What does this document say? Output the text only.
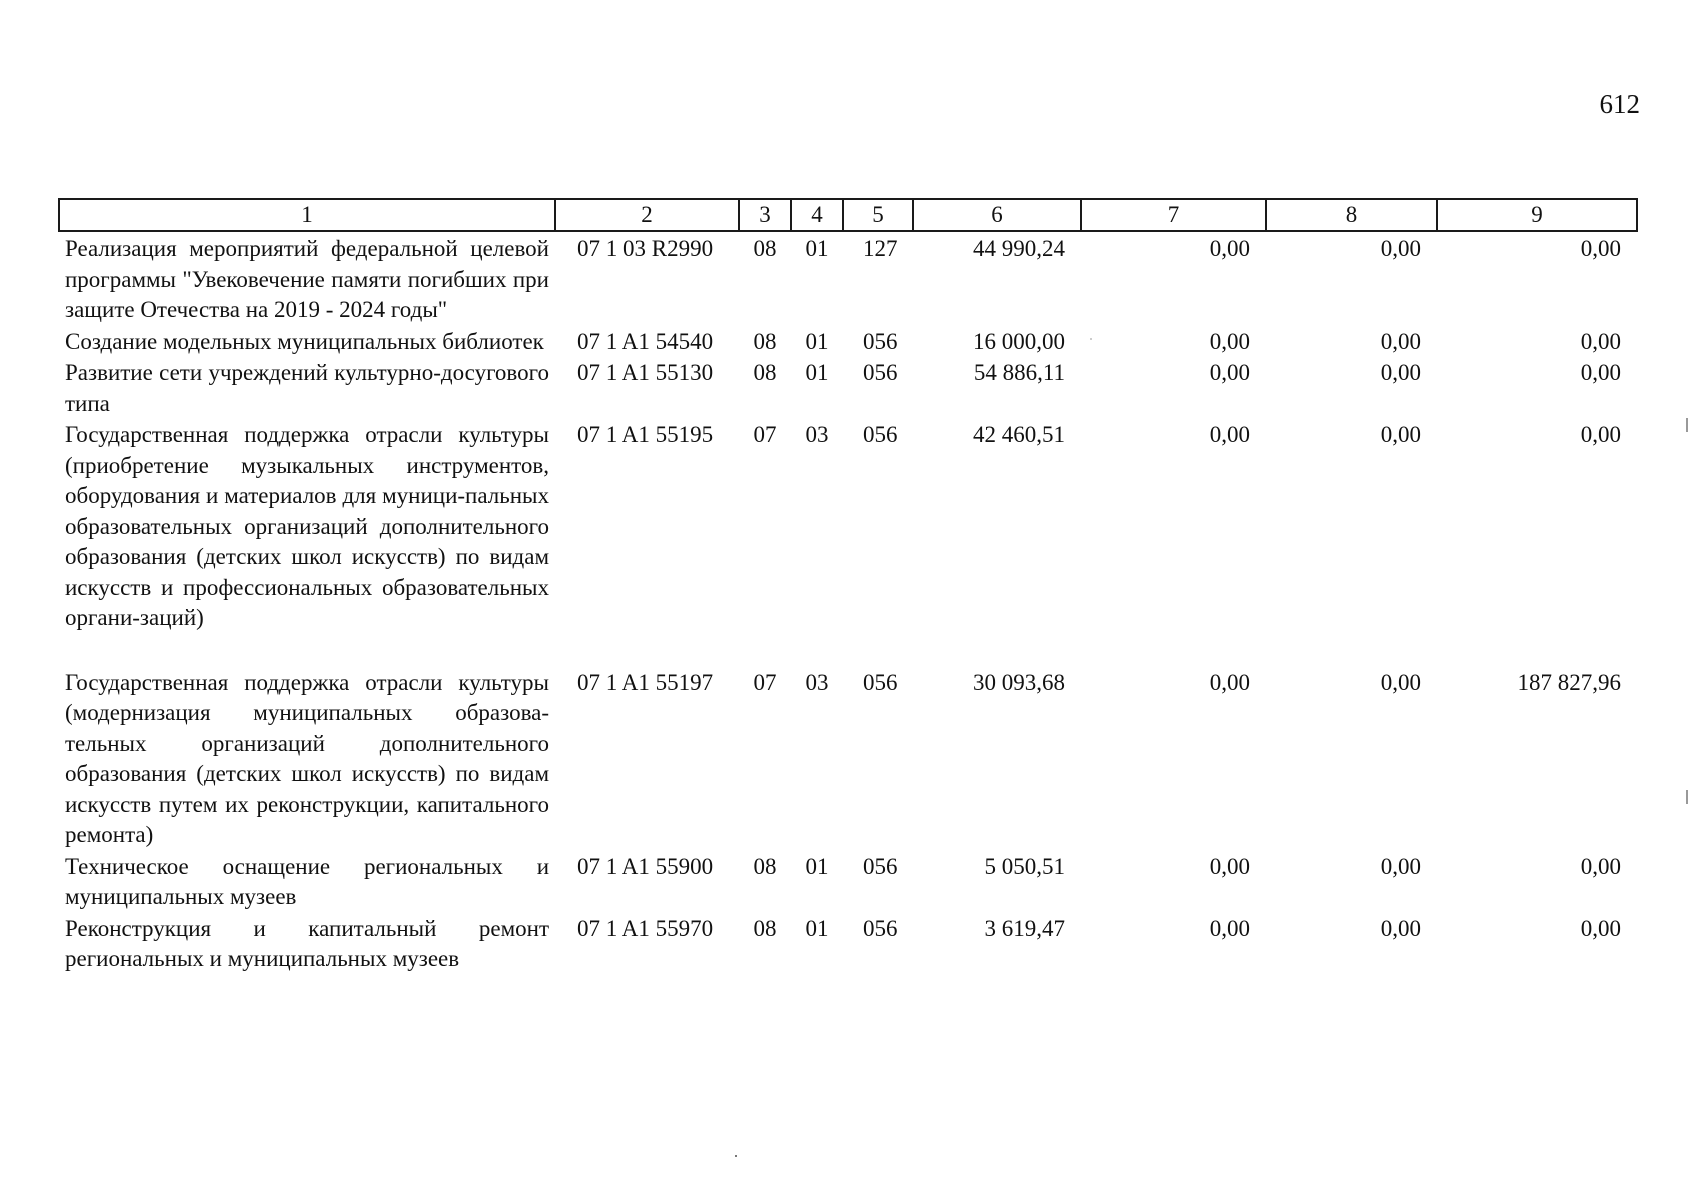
612
1	2	3	4	5	6	7	8	9
Реализация мероприятий федеральной целевой программы "Увековечение памяти погибших при защите Отечества на 2019 - 2024 годы"	07 1 03 R2990	08	01	127	44 990,24	0,00	0,00	0,00
Создание модельных муниципальных библиотек	07 1 A1 54540	08	01	056	16 000,00	0,00	0,00	0,00
Развитие сети учреждений культурно-досугового типа	07 1 A1 55130	08	01	056	54 886,11	0,00	0,00	0,00
Государственная поддержка отрасли культуры (приобретение музыкальных инструментов, оборудования и материалов для муници-пальных образовательных организаций дополнительного образования (детских школ искусств) по видам искусств и профессиональных образовательных органи-заций)	07 1 A1 55195	07	03	056	42 460,51	0,00	0,00	0,00

Государственная поддержка отрасли культуры (модернизация муниципальных образова-тельных организаций дополнительного образования (детских школ искусств) по видам искусств путем их реконструкции, капитального ремонта)	07 1 A1 55197	07	03	056	30 093,68	0,00	0,00	187 827,96
Техническое оснащение региональных и муниципальных музеев	07 1 A1 55900	08	01	056	5 050,51	0,00	0,00	0,00
Реконструкция и капитальный ремонт региональных и муниципальных музеев	07 1 A1 55970	08	01	056	3 619,47	0,00	0,00	0,00
